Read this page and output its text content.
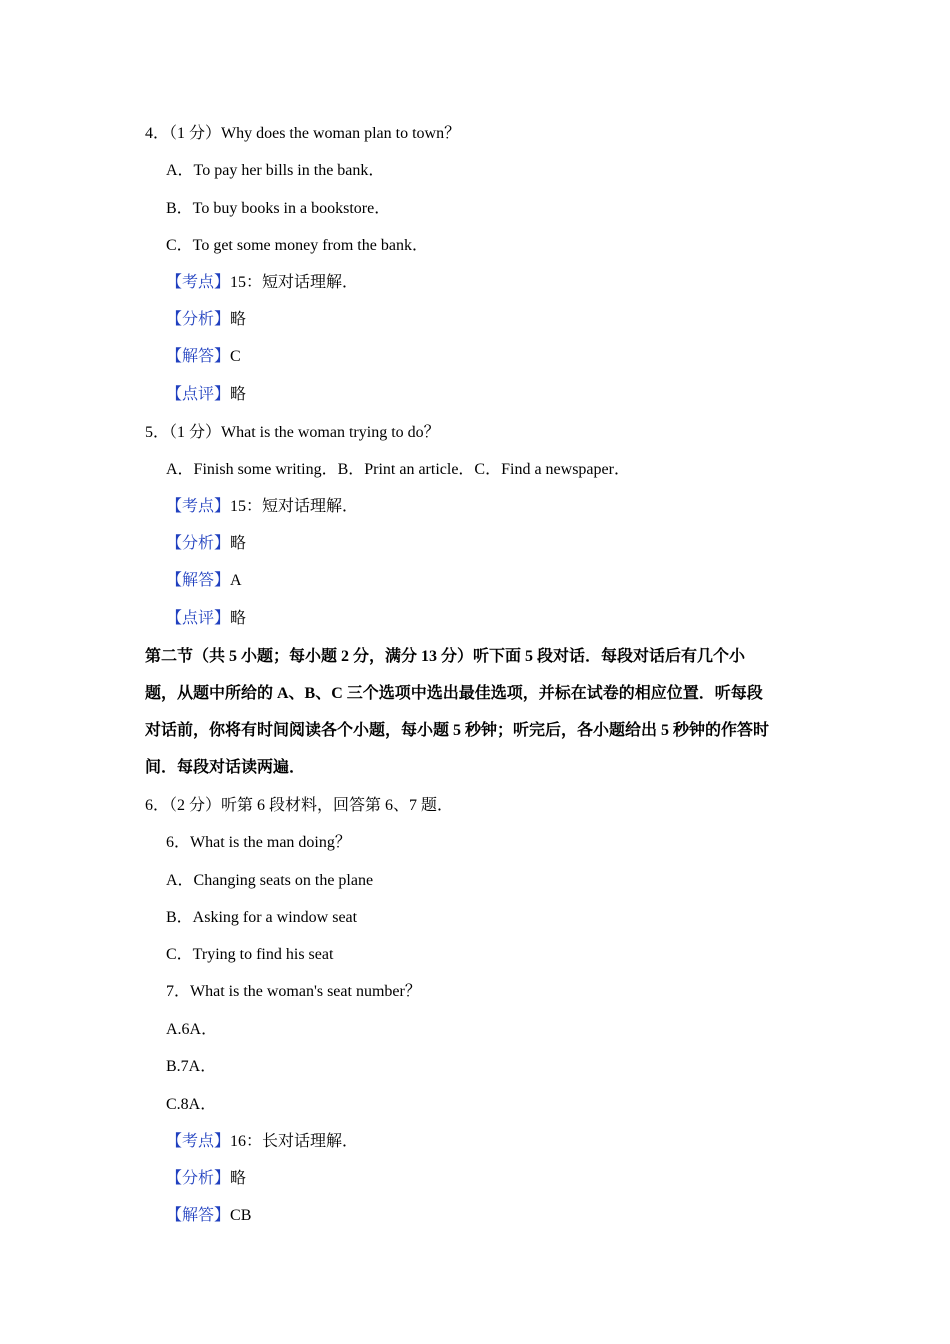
4．（1 分）Why does the woman plan to town？
A．To pay her bills in the bank．
B．To buy books in a bookstore．
C．To get some money from the bank．
【考点】15：短对话理解．
【分析】略
【解答】C
【点评】略
5．（1 分）What is the woman trying to do？
A．Finish some writing．B．Print an article．C．Find a newspaper．
【考点】15：短对话理解．
【分析】略
【解答】A
【点评】略
第二节（共 5 小题；每小题 2 分，满分 13 分）听下面 5 段对话．每段对话后有几个小
题，从题中所给的 A、B、C 三个选项中选出最佳选项，并标在试卷的相应位置．听每段
对话前，你将有时间阅读各个小题，每小题 5 秒钟；听完后，各小题给出 5 秒钟的作答时
间．每段对话读两遍．
6．（2 分）听第 6 段材料，回答第 6、7 题．
6．What is the man doing？
A．Changing seats on the plane
B．Asking for a window seat
C．Trying to find his seat
7．What is the woman's seat number？
A.6A．
B.7A．
C.8A．
【考点】16：长对话理解．
【分析】略
【解答】CB
